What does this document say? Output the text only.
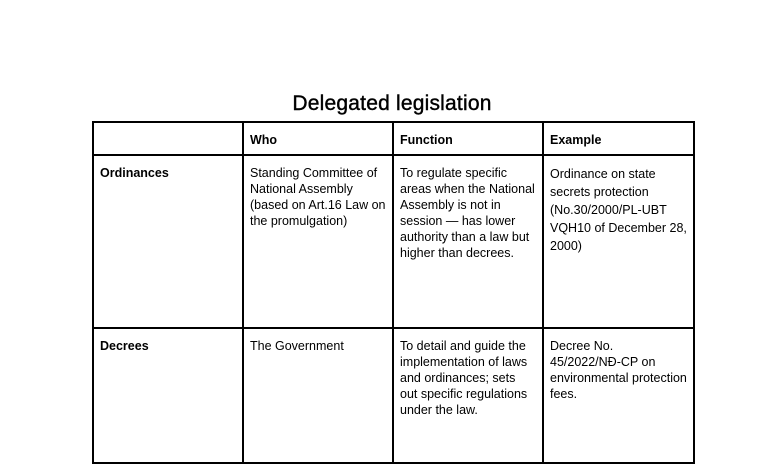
Delegated legislation
	Who	Function	Example
Ordinances	Standing Committee of National Assembly (based on Art.16 Law on the promulgation)	To regulate specific areas when the National Assembly is not in session — has lower authority than a law but higher than decrees.	Ordinance on state secrets protection (No.30/2000/PL-UBT VQH10 of December 28, 2000)
Decrees	The Government	To detail and guide the implementation of laws and ordinances; sets out specific regulations under the law.	Decree No. 45/2022/NĐ-CP on environmental protection fees.
